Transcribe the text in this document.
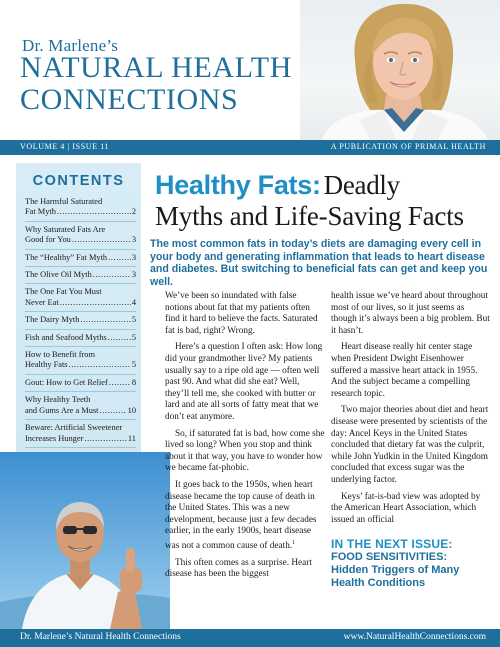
Dr. Marlene’s
NATURAL HEALTH
CONNECTIONS
VOLUME 4 | ISSUE 11	A PUBLICATION OF PRIMAL HEALTH
CONTENTS
The Harmful Saturated
Fat Myth .....	2
Why Saturated Fats Are
Good for You .....	3
The “Healthy” Fat Myth .....	3
The Olive Oil Myth .....	3
The One Fat You Must
Never Eat .....	4
The Dairy Myth .....	5
Fish and Seafood Myths .....	5
How to Benefit from
Healthy Fats .....	5
Gout: How to Get Relief .....	8
Why Healthy Teeth
and Gums Are a Must .....	10
Beware: Artificial Sweetener
Increases Hunger .....	11
.....
Healthy Fats: Deadly
Myths and Life-Saving Facts
The most common fats in today’s diets are damaging every cell in your body and generating inflammation that leads to heart disease and diabetes. But switching to beneficial fats can get and keep you well.

We’ve been so inundated with false notions about fat that my patients often find it hard to believe the facts. Saturated fat is bad, right? Wrong.

Here’s a question I often ask: How long did your grandmother live? My patients usually say to a ripe old age — often well past 90. And what did she eat? Well, they’ll tell me, she cooked with butter or lard and ate all sorts of fatty meat that we don’t eat anymore.

So, if saturated fat is bad, how come she lived so long? When you stop and think about it that way, you have to wonder how we became fat-phobic.

It goes back to the 1950s, when heart disease became the top cause of death in the United States. This was a new development, because just a few decades earlier, in the early 1900s, heart disease was not a common cause of death.$^1$

This often comes as a surprise. Heart disease has been the biggest

health issue we’ve heard about throughout most of our lives, so it just seems as though it’s always been a big problem. But it hasn’t.

Heart disease really hit center stage when President Dwight Eisenhower suffered a massive heart attack in 1955. And the subject became a compelling research topic.

Two major theories about diet and heart disease were presented by scientists of the day: Ancel Keys in the United States concluded that dietary fat was the culprit, while John Yudkin in the United Kingdom concluded that excess sugar was the underlying factor.

Keys’ fat-is-bad view was adopted by the American Heart Association, which issued an official

IN THE NEXT ISSUE:
FOOD SENSITIVITIES:
Hidden Triggers of Many
Health Conditions
Dr. Marlene’s Natural Health Connections	www.NaturalHealthConnections.com
